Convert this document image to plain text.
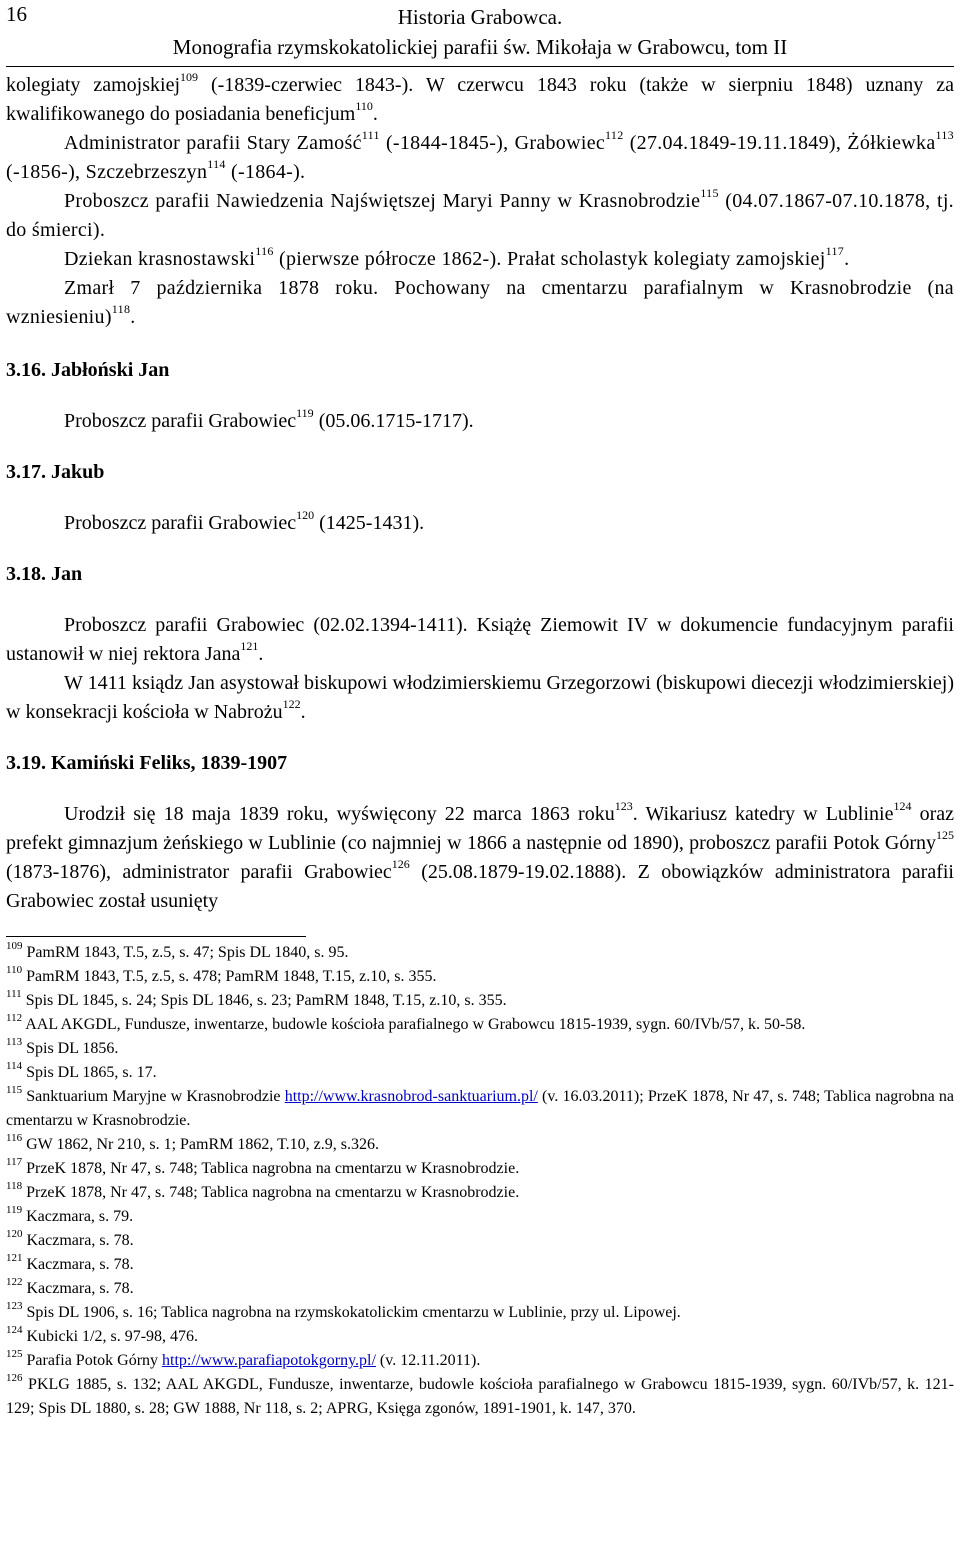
16	Historia Grabowca.
Monografia rzymskokatolickiej parafii św. Mikołaja w Grabowcu, tom II

kolegiaty zamojskiej$^{109}$ (-1839-czerwiec 1843-). W czerwcu 1843 roku (także w sierpniu 1848) uznany za kwalifikowanego do posiadania beneficjum$^{110}$.

Administrator parafii Stary Zamość$^{111}$ (-1844-1845-), Grabowiec$^{112}$ (27.04.1849-19.11.1849), Żółkiewka$^{113}$ (-1856-), Szczebrzeszyn$^{114}$ (-1864-).

Proboszcz parafii Nawiedzenia Najświętszej Maryi Panny w Krasnobrodzie$^{115}$ (04.07.1867-07.10.1878, tj. do śmierci).

Dziekan krasnostawski$^{116}$ (pierwsze półrocze 1862-). Prałat scholastyk kolegiaty zamojskiej$^{117}$.

Zmarł 7 października 1878 roku. Pochowany na cmentarzu parafialnym w Krasnobrodzie (na wzniesieniu)$^{118}$.

3.16. Jabłoński Jan

Proboszcz parafii Grabowiec$^{119}$ (05.06.1715-1717).

3.17. Jakub

Proboszcz parafii Grabowiec$^{120}$ (1425-1431).

3.18. Jan

Proboszcz parafii Grabowiec (02.02.1394-1411). Książę Ziemowit IV w dokumencie fundacyjnym parafii ustanowił w niej rektora Jana$^{121}$.

W 1411 ksiądz Jan asystował biskupowi włodzimierskiemu Grzegorzowi (biskupowi diecezji włodzimierskiej) w konsekracji kościoła w Nabrożu$^{122}$.

3.19. Kamiński Feliks, 1839-1907

Urodził się 18 maja 1839 roku, wyświęcony 22 marca 1863 roku$^{123}$. Wikariusz katedry w Lublinie$^{124}$ oraz prefekt gimnazjum żeńskiego w Lublinie (co najmniej w 1866 a następnie od 1890), proboszcz parafii Potok Górny$^{125}$ (1873-1876), administrator parafii Grabowiec$^{126}$ (25.08.1879-19.02.1888). Z obowiązków administratora parafii Grabowiec został usunięty

$^{109}$ PamRM 1843, T.5, z.5, s. 47; Spis DL 1840, s. 95.

$^{110}$ PamRM 1843, T.5, z.5, s. 478; PamRM 1848, T.15, z.10, s. 355.

$^{111}$ Spis DL 1845, s. 24; Spis DL 1846, s. 23; PamRM 1848, T.15, z.10, s. 355.

$^{112}$ AAL AKGDL, Fundusze, inwentarze, budowle kościoła parafialnego w Grabowcu 1815-1939, sygn. 60/IVb/57, k. 50-58.

$^{113}$ Spis DL 1856.

$^{114}$ Spis DL 1865, s. 17.

$^{115}$ Sanktuarium Maryjne w Krasnobrodzie http://www.krasnobrod-sanktuarium.pl/ (v. 16.03.2011); PrzeK 1878, Nr 47, s. 748; Tablica nagrobna na cmentarzu w Krasnobrodzie.

$^{116}$ GW 1862, Nr 210, s. 1; PamRM 1862, T.10, z.9, s.326.

$^{117}$ PrzeK 1878, Nr 47, s. 748; Tablica nagrobna na cmentarzu w Krasnobrodzie.

$^{118}$ PrzeK 1878, Nr 47, s. 748; Tablica nagrobna na cmentarzu w Krasnobrodzie.

$^{119}$ Kaczmara, s. 79.

$^{120}$ Kaczmara, s. 78.

$^{121}$ Kaczmara, s. 78.

$^{122}$ Kaczmara, s. 78.

$^{123}$ Spis DL 1906, s. 16; Tablica nagrobna na rzymskokatolickim cmentarzu w Lublinie, przy ul. Lipowej.

$^{124}$ Kubicki 1/2, s. 97-98, 476.

$^{125}$ Parafia Potok Górny http://www.parafiapotokgorny.pl/ (v. 12.11.2011).

$^{126}$ PKLG 1885, s. 132; AAL AKGDL, Fundusze, inwentarze, budowle kościoła parafialnego w Grabowcu 1815-1939, sygn. 60/IVb/57, k. 121-129; Spis DL 1880, s. 28; GW 1888, Nr 118, s. 2; APRG, Księga zgonów, 1891-1901, k. 147, 370.
